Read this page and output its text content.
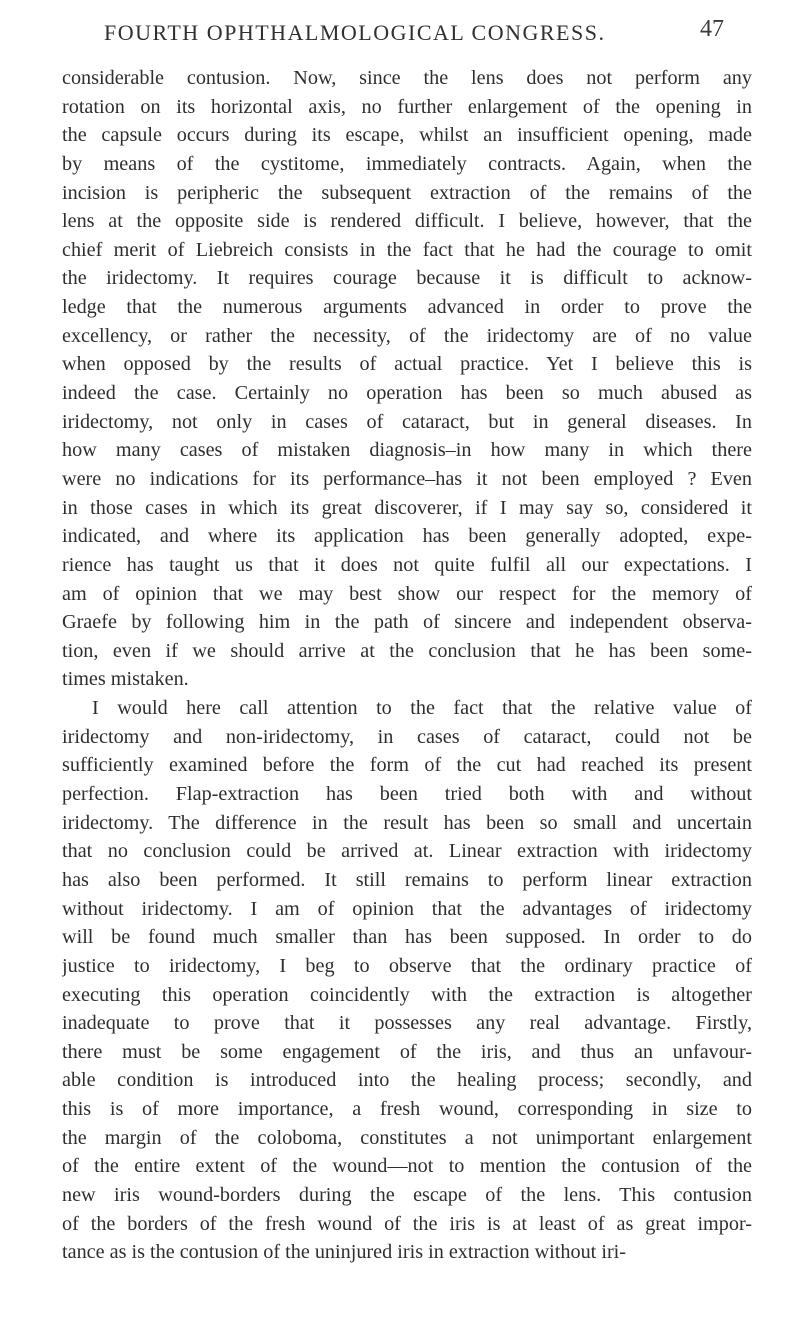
FOURTH OPHTHALMOLOGICAL CONGRESS.	47
considerable contusion. Now, since the lens does not perform any
rotation on its horizontal axis, no further enlargement of the opening in
the capsule occurs during its escape, whilst an insufficient opening, made
by means of the cystitome, immediately contracts. Again, when the
incision is peripheric the subsequent extraction of the remains of the
lens at the opposite side is rendered difficult. I believe, however, that the
chief merit of Liebreich consists in the fact that he had the courage to omit
the iridectomy. It requires courage because it is difficult to acknow-
ledge that the numerous arguments advanced in order to prove the
excellency, or rather the necessity, of the iridectomy are of no value
when opposed by the results of actual practice. Yet I believe this is
indeed the case. Certainly no operation has been so much abused as
iridectomy, not only in cases of cataract, but in general diseases. In
how many cases of mistaken diagnosis–in how many in which there
were no indications for its performance–has it not been employed ? Even
in those cases in which its great discoverer, if I may say so, considered it
indicated, and where its application has been generally adopted, expe-
rience has taught us that it does not quite fulfil all our expectations. I
am of opinion that we may best show our respect for the memory of
Graefe by following him in the path of sincere and independent observa-
tion, even if we should arrive at the conclusion that he has been some-
times mistaken.
I would here call attention to the fact that the relative value of
iridectomy and non-iridectomy, in cases of cataract, could not be
sufficiently examined before the form of the cut had reached its present
perfection. Flap-extraction has been tried both with and without
iridectomy. The difference in the result has been so small and uncertain
that no conclusion could be arrived at. Linear extraction with iridectomy
has also been performed. It still remains to perform linear extraction
without iridectomy. I am of opinion that the advantages of iridectomy
will be found much smaller than has been supposed. In order to do
justice to iridectomy, I beg to observe that the ordinary practice of
executing this operation coincidently with the extraction is altogether
inadequate to prove that it possesses any real advantage. Firstly,
there must be some engagement of the iris, and thus an unfavour-
able condition is introduced into the healing process; secondly, and
this is of more importance, a fresh wound, corresponding in size to
the margin of the coloboma, constitutes a not unimportant enlargement
of the entire extent of the wound—not to mention the contusion of the
new iris wound-borders during the escape of the lens. This contusion
of the borders of the fresh wound of the iris is at least of as great impor-
tance as is the contusion of the uninjured iris in extraction without iri-
